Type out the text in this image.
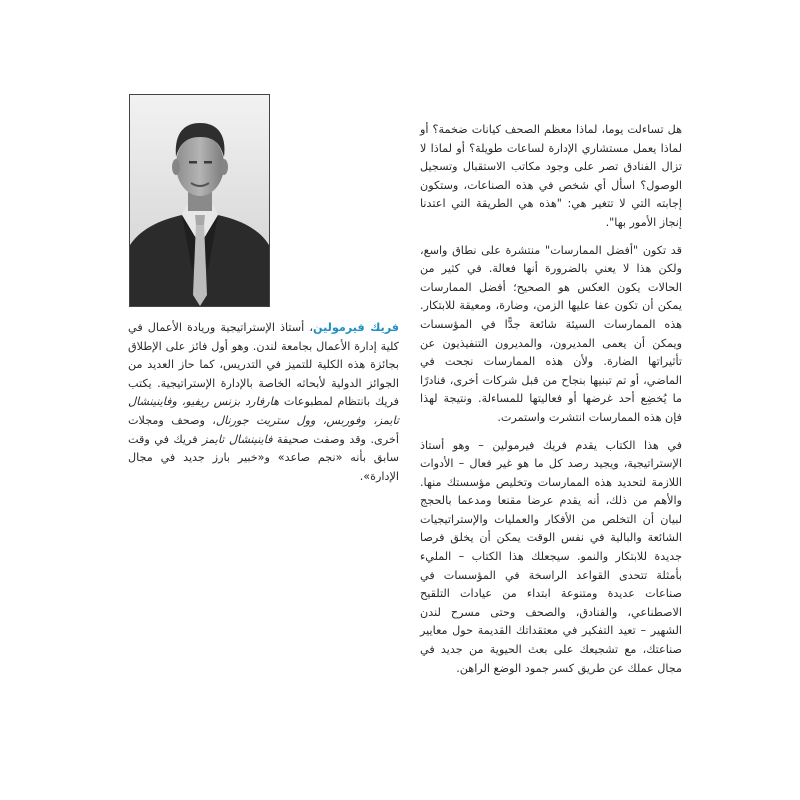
هل تساءلت يوما، لماذا معظم الصحف كيانات ضخمة؟ أو لماذا يعمل مستشاري الإدارة لساعات طويلة؟ أو لماذا لا تزال الفنادق تصر على وجود مكاتب الاستقبال وتسجيل الوصول؟ اسأل أي شخص في هذه الصناعات، وستكون إجابته التي لا تتغير هي: "هذه هي الطريقة التي اعتدنا إنجاز الأمور بها".

قد تكون "أفضل الممارسات" منتشرة على نطاق واسع، ولكن هذا لا يعني بالضرورة أنها فعالة. في كثير من الحالات يكون العكس هو الصحيح؛ أفضل الممارسات يمكن أن تكون عفا عليها الزمن، وضارة، ومعيقة للابتكار. هذه الممارسات السيئة شائعة جدًّا في المؤسسات ويمكن أن يعمى المديرون، والمديرون التنفيذيون عن تأثيراتها الضارة. ولأن هذه الممارسات نجحت في الماضي، أو تم تبنيها بنجاح من قبل شركات أخرى، فنادرًا ما يُخضِع أحد غرضها أو فعاليتها للمساءلة. ونتيجة لهذا فإن هذه الممارسات انتشرت واستمرت.

في هذا الكتاب يقدم فريك فيرمولين – وهو أستاذ الإستراتيجية، ويجيد رصد كل ما هو غير فعال – الأدوات اللازمة لتحديد هذه الممارسات وتخليص مؤسستك منها. والأهم من ذلك، أنه يقدم عرضا مقنعا ومدعما بالحجج لبيان أن التخلص من الأفكار والعمليات والإستراتيجيات الشائعة والبالية في نفس الوقت يمكن أن يخلق فرصا جديدة للابتكار والنمو. سيجعلك هذا الكتاب – المليء بأمثلة تتحدى القواعد الراسخة في المؤسسات في صناعات عديدة ومتنوعة ابتداء من عيادات التلقيح الاصطناعي، والفنادق، والصحف وحتى مسرح لندن الشهير – تعيد التفكير في معتقداتك القديمة حول معايير صناعتك، مع تشجيعك على بعث الحيوية من جديد في مجال عملك عن طريق كسر جمود الوضع الراهن.

فريك فيرمولين، أستاذ الإستراتيجية وريادة الأعمال في كلية إدارة الأعمال بجامعة لندن. وهو أول فائز على الإطلاق بجائزة هذه الكلية للتميز في التدريس، كما حاز العديد من الجوائز الدولية لأبحاثه الخاصة بالإدارة الإستراتيجية. يكتب فريك بانتظام لمطبوعات هارفارد بزنس ريفيو، وفاينينشال تايمز، وفوربس، وول ستريت جورنال، وصحف ومجلات أخرى. وقد وصفت صحيفة فاينينشال تايمز فريك في وقت سابق بأنه «نجم صاعد» و«خبير بارز جديد في مجال الإدارة».
